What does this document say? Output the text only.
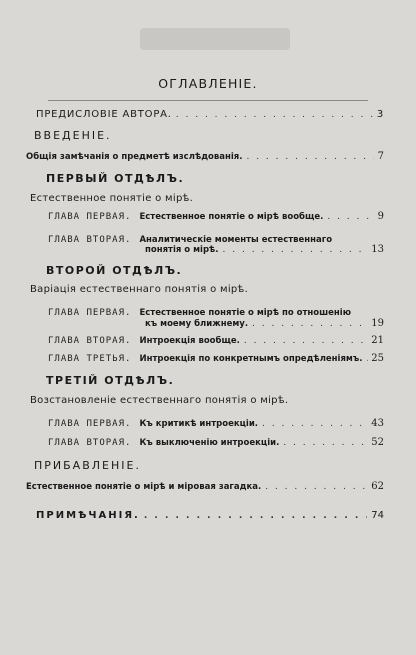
ОГЛАВЛЕНІЕ.
ПРЕДИСЛОВІЕ АВТОРА. . . .	3
ВВЕДЕНІЕ.
Общія замѣчанія о предметѣ изслѣдованія. . . .	7
ПЕРВЫЙ ОТДѢЛЪ.
Естественное понятіе о мірѣ.
ГЛАВА ПЕРВАЯ. Естественное понятіе о мірѣ вообще. . . .	9
ГЛАВА ВТОРАЯ. Аналитическіе моменты естественнаго
понятія о мірѣ. . . .	13
ВТОРОЙ ОТДѢЛЪ.
Варіація естественнаго понятія о мірѣ.
ГЛАВА ПЕРВАЯ. Естественное понятіе о мірѣ по отношенію
къ моему ближнему. . . .	19
ГЛАВА ВТОРАЯ. Интроекція вообще. . . .	21
ГЛАВА ТРЕТЬЯ. Интроекція по конкретнымъ опредѣленіямъ. . . . 25
ТРЕТІЙ ОТДѢЛЪ.
Возстановленіе естественнаго понятія о мірѣ.
ГЛАВА ПЕРВАЯ. Къ критикѣ интроекціи. . . .	43
ГЛАВА ВТОРАЯ. Къ выключенію интроекціи. . . .	52
ПРИБАВЛЕНІЕ.
Естественное понятіе о мірѣ и міровая загадка. . . .	62
ПРИМѢЧАНІЯ. . . .	74
